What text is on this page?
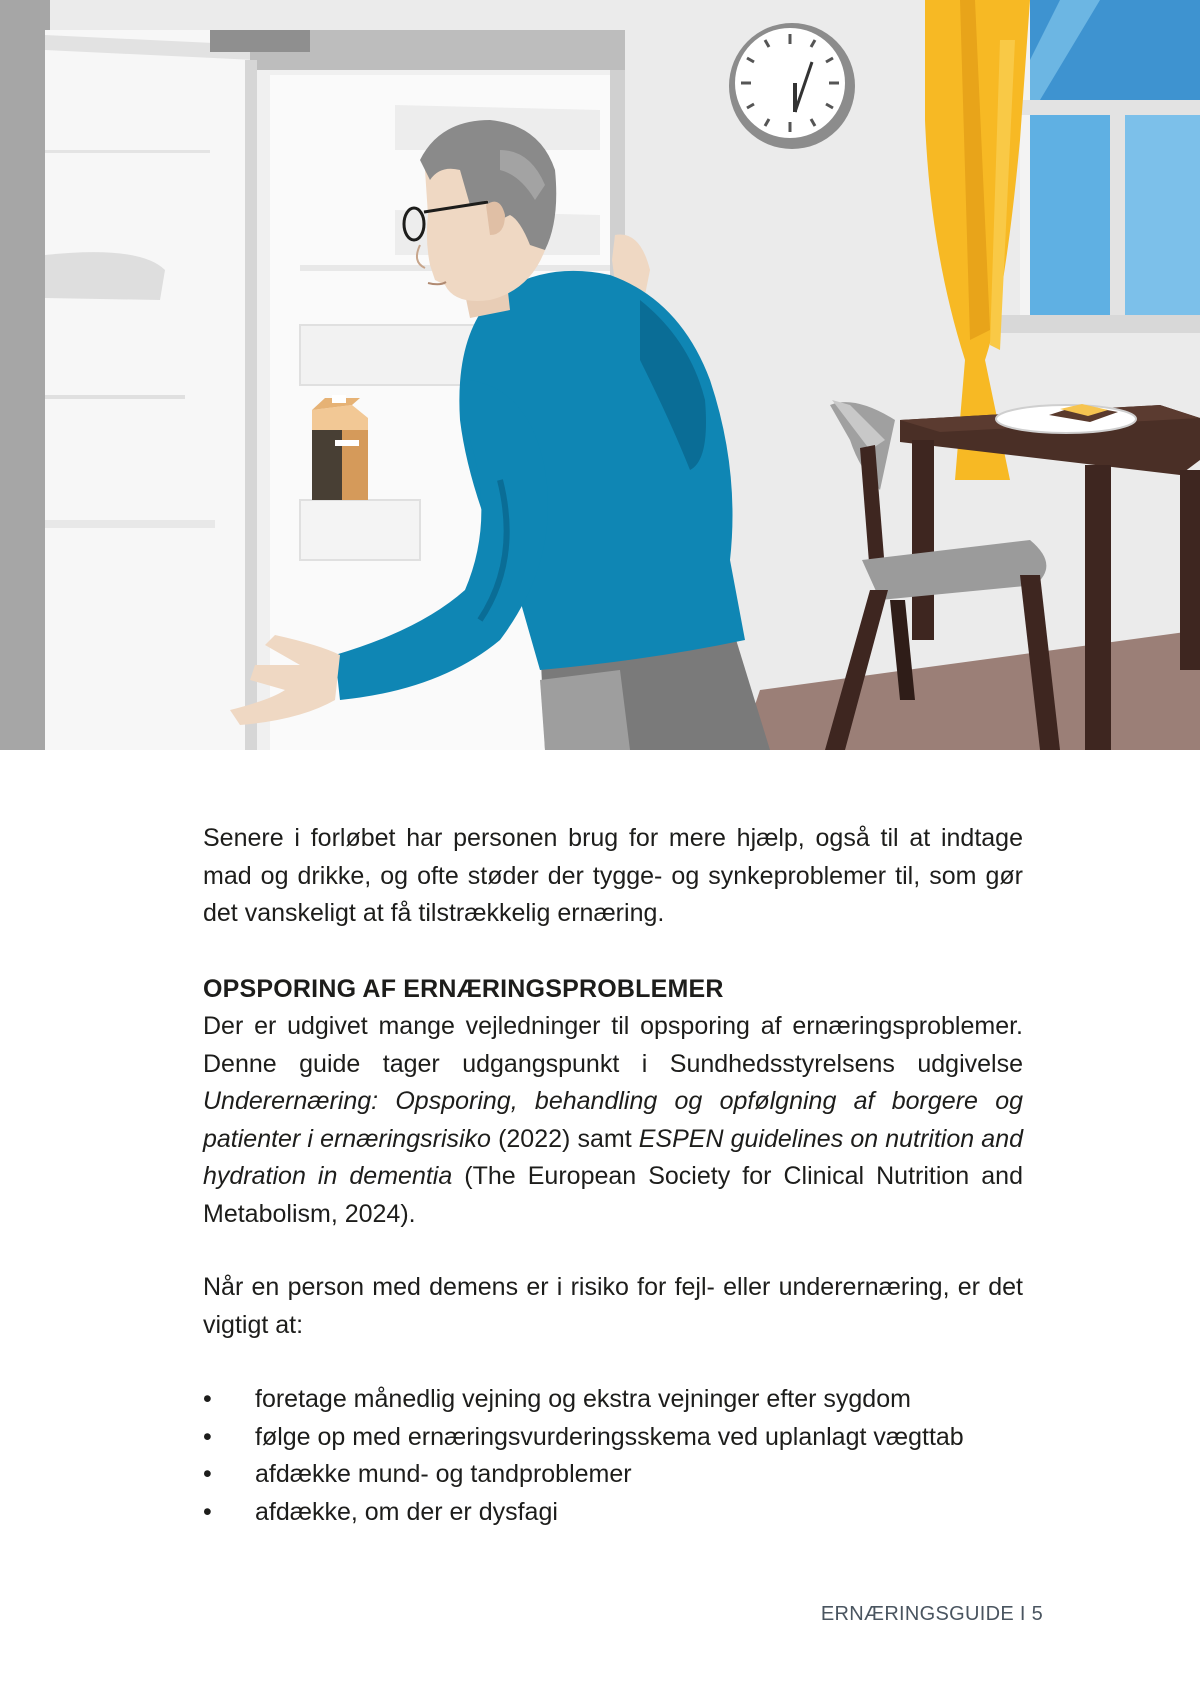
Senere i forløbet har personen brug for mere hjælp, også til at indtage mad og drikke, og ofte støder der tygge- og synkeproblemer til, som gør det vanskeligt at få tilstrækkelig ernæring.

OPSPORING AF ERNÆRINGSPROBLEMER

Der er udgivet mange vejledninger til opsporing af ernæringsproblemer. Denne guide tager udgangspunkt i Sundhedsstyrelsens udgivelse Underernæring: Opsporing, behandling og opfølgning af borgere og patienter i ernæringsrisiko (2022) samt ESPEN guidelines on nutrition and hydration in dementia (The European Society for Clinical Nutrition and Metabolism, 2024).

Når en person med demens er i risiko for fejl- eller underernæring, er det vigtigt at:

• foretage månedlig vejning og ekstra vejninger efter sygdom
• følge op med ernæringsvurderingsskema ved uplanlagt vægttab
• afdække mund- og tandproblemer
• afdække, om der er dysfagi
ERNÆRINGSGUIDE I 5
